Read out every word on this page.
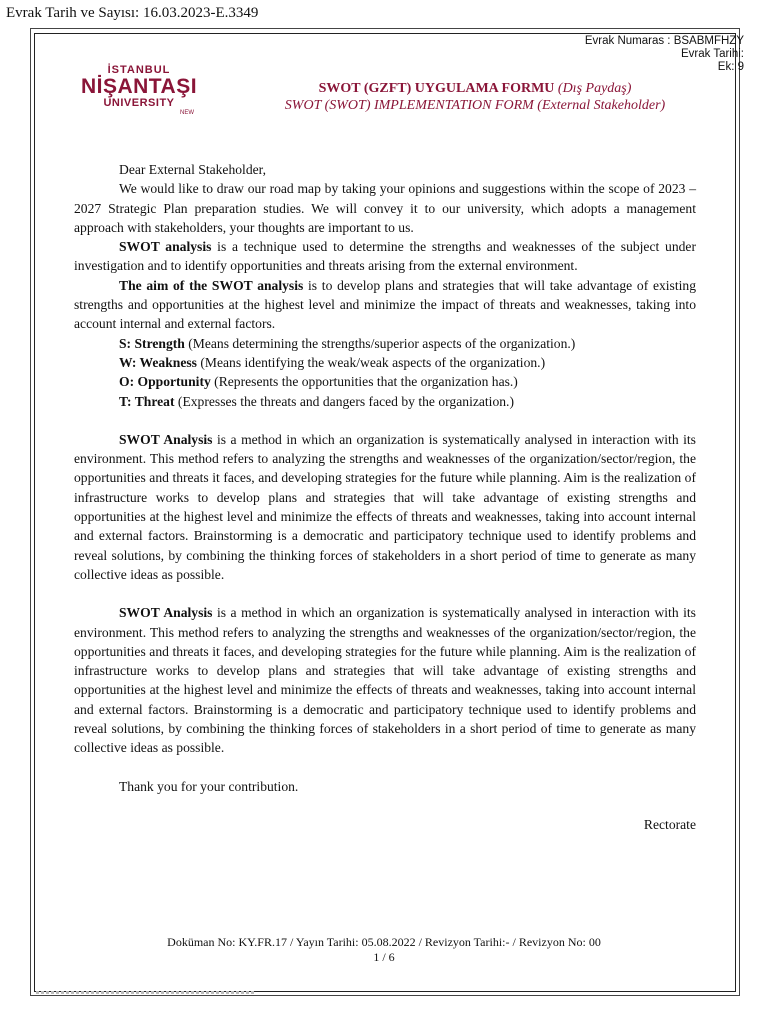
Evrak Tarih ve Sayısı: 16.03.2023-E.3349
Evrak Numaras : BSABMFHZY
Evrak Tarihi:
Ek: 9
İSTANBUL
NİŞANTAŞI
UNIVERSITY
NEW
SWOT (GZFT) UYGULAMA FORMU (Dış Paydaş)
SWOT (SWOT) IMPLEMENTATION FORM (External Stakeholder)

Dear External Stakeholder,

We would like to draw our road map by taking your opinions and suggestions within the scope of 2023 – 2027 Strategic Plan preparation studies. We will convey it to our university, which adopts a management approach with stakeholders, your thoughts are important to us.

SWOT analysis is a technique used to determine the strengths and weaknesses of the subject under investigation and to identify opportunities and threats arising from the external environment.

The aim of the SWOT analysis is to develop plans and strategies that will take advantage of existing strengths and opportunities at the highest level and minimize the impact of threats and weaknesses, taking into account internal and external factors.

S: Strength (Means determining the strengths/superior aspects of the organization.)

W: Weakness (Means identifying the weak/weak aspects of the organization.)

O: Opportunity (Represents the opportunities that the organization has.)

T: Threat (Expresses the threats and dangers faced by the organization.)

SWOT Analysis is a method in which an organization is systematically analysed in interaction with its environment. This method refers to analyzing the strengths and weaknesses of the organization/sector/region, the opportunities and threats it faces, and developing strategies for the future while planning. Aim is the realization of infrastructure works to develop plans and strategies that will take advantage of existing strengths and opportunities at the highest level and minimize the effects of threats and weaknesses, taking into account internal and external factors. Brainstorming is a democratic and participatory technique used to identify problems and reveal solutions, by combining the thinking forces of stakeholders in a short period of time to generate as many collective ideas as possible.

SWOT Analysis is a method in which an organization is systematically analysed in interaction with its environment. This method refers to analyzing the strengths and weaknesses of the organization/sector/region, the opportunities and threats it faces, and developing strategies for the future while planning. Aim is the realization of infrastructure works to develop plans and strategies that will take advantage of existing strengths and opportunities at the highest level and minimize the effects of threats and weaknesses, taking into account internal and external factors. Brainstorming is a democratic and participatory technique used to identify problems and reveal solutions, by combining the thinking forces of stakeholders in a short period of time to generate as many collective ideas as possible.

Thank you for your contribution.

Rectorate

Doküman No: KY.FR.17 / Yayın Tarihi: 05.08.2022 / Revizyon Tarihi:- / Revizyon No: 00
1 / 6
